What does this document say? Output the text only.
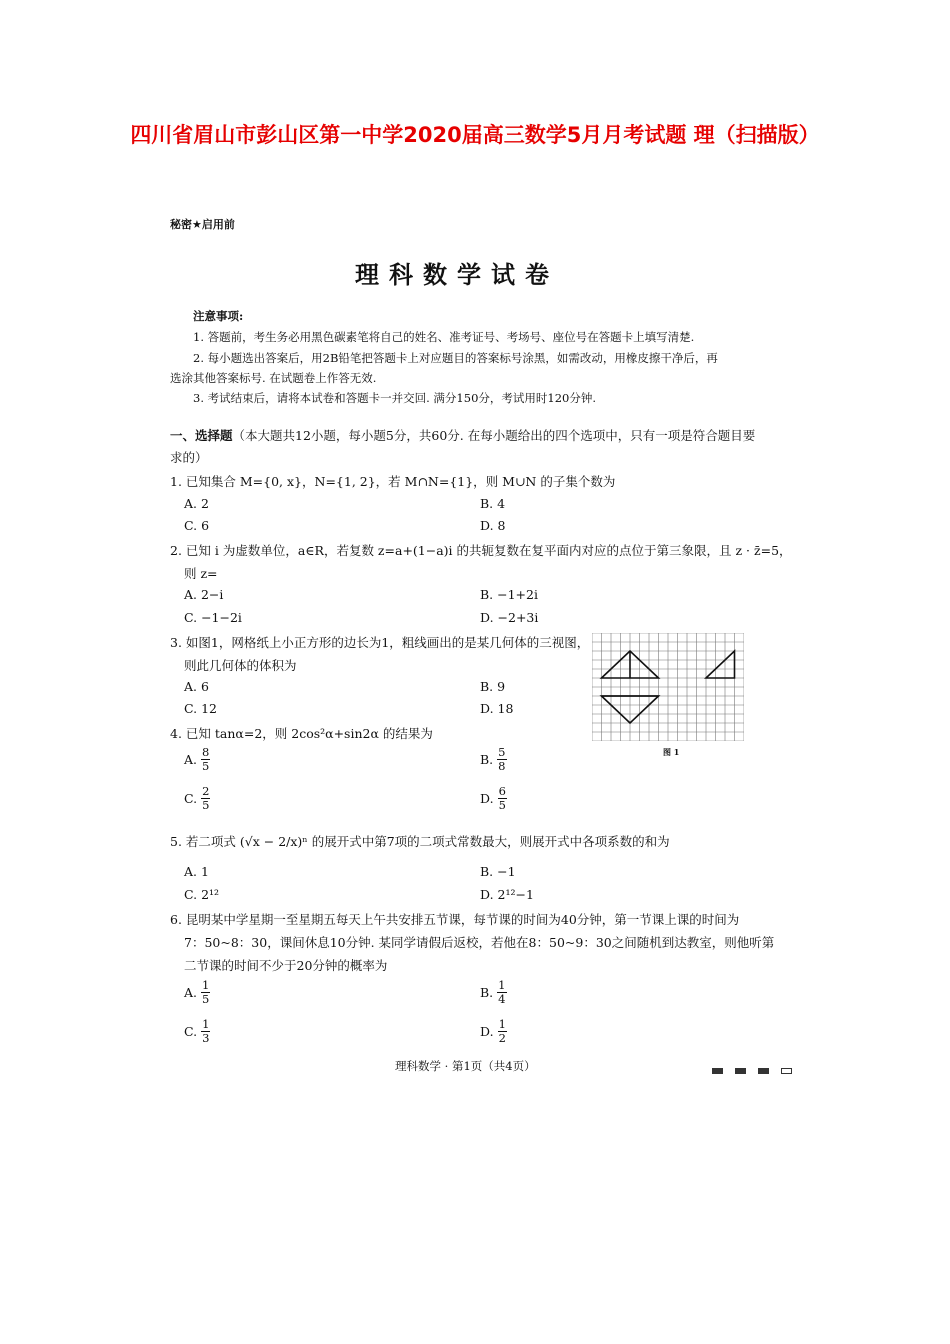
四川省眉山市彭山区第一中学2020届高三数学5月月考试题 理（扫描版）
秘密★启用前
理科数学试卷
注意事项:
1. 答题前，考生务必用黑色碳素笔将自己的姓名、准考证号、考场号、座位号在答题卡上填写清楚.
2. 每小题选出答案后，用2B铅笔把答题卡上对应题目的答案标号涂黑，如需改动，用橡皮擦干净后，再
选涂其他答案标号. 在试题卷上作答无效.
3. 考试结束后，请将本试卷和答题卡一并交回. 满分150分，考试用时120分钟.
一、选择题（本大题共12小题，每小题5分，共60分. 在每小题给出的四个选项中，只有一项是符合题目要
求的）
1. 已知集合 M={0, x}，N={1, 2}，若 M∩N={1}，则 M∪N 的子集个数为
A. 2	B. 4
C. 6	D. 8
2. 已知 i 为虚数单位，a∈R，若复数 z=a+(1−a)i 的共轭复数在复平面内对应的点位于第三象限，且 z · z̄=5，
则 z=
A. 2−i	B. −1+2i
C. −1−2i	D. −2+3i
3. 如图1，网格纸上小正方形的边长为1，粗线画出的是某几何体的三视图，
则此几何体的体积为
A. 6	B. 9
C. 12	D. 18
图 1
4. 已知 tanα=2，则 2cos²α+sin2α 的结果为
A. $\frac{8}{5}$	B. $\frac{5}{8}$
C. $\frac{2}{5}$	D. $\frac{6}{5}$
5. 若二项式 (√x − 2/x)ⁿ 的展开式中第7项的二项式常数最大，则展开式中各项系数的和为
A. 1	B. −1
C. 2¹²	D. 2¹²−1
6. 昆明某中学星期一至星期五每天上午共安排五节课，每节课的时间为40分钟，第一节课上课的时间为
7：50~8：30，课间休息10分钟. 某同学请假后返校，若他在8：50~9：30之间随机到达教室，则他听第
二节课的时间不少于20分钟的概率为
A. $\frac{1}{5}$	B. $\frac{1}{4}$
C. $\frac{1}{3}$	D. $\frac{1}{2}$
理科数学 · 第1页（共4页）
